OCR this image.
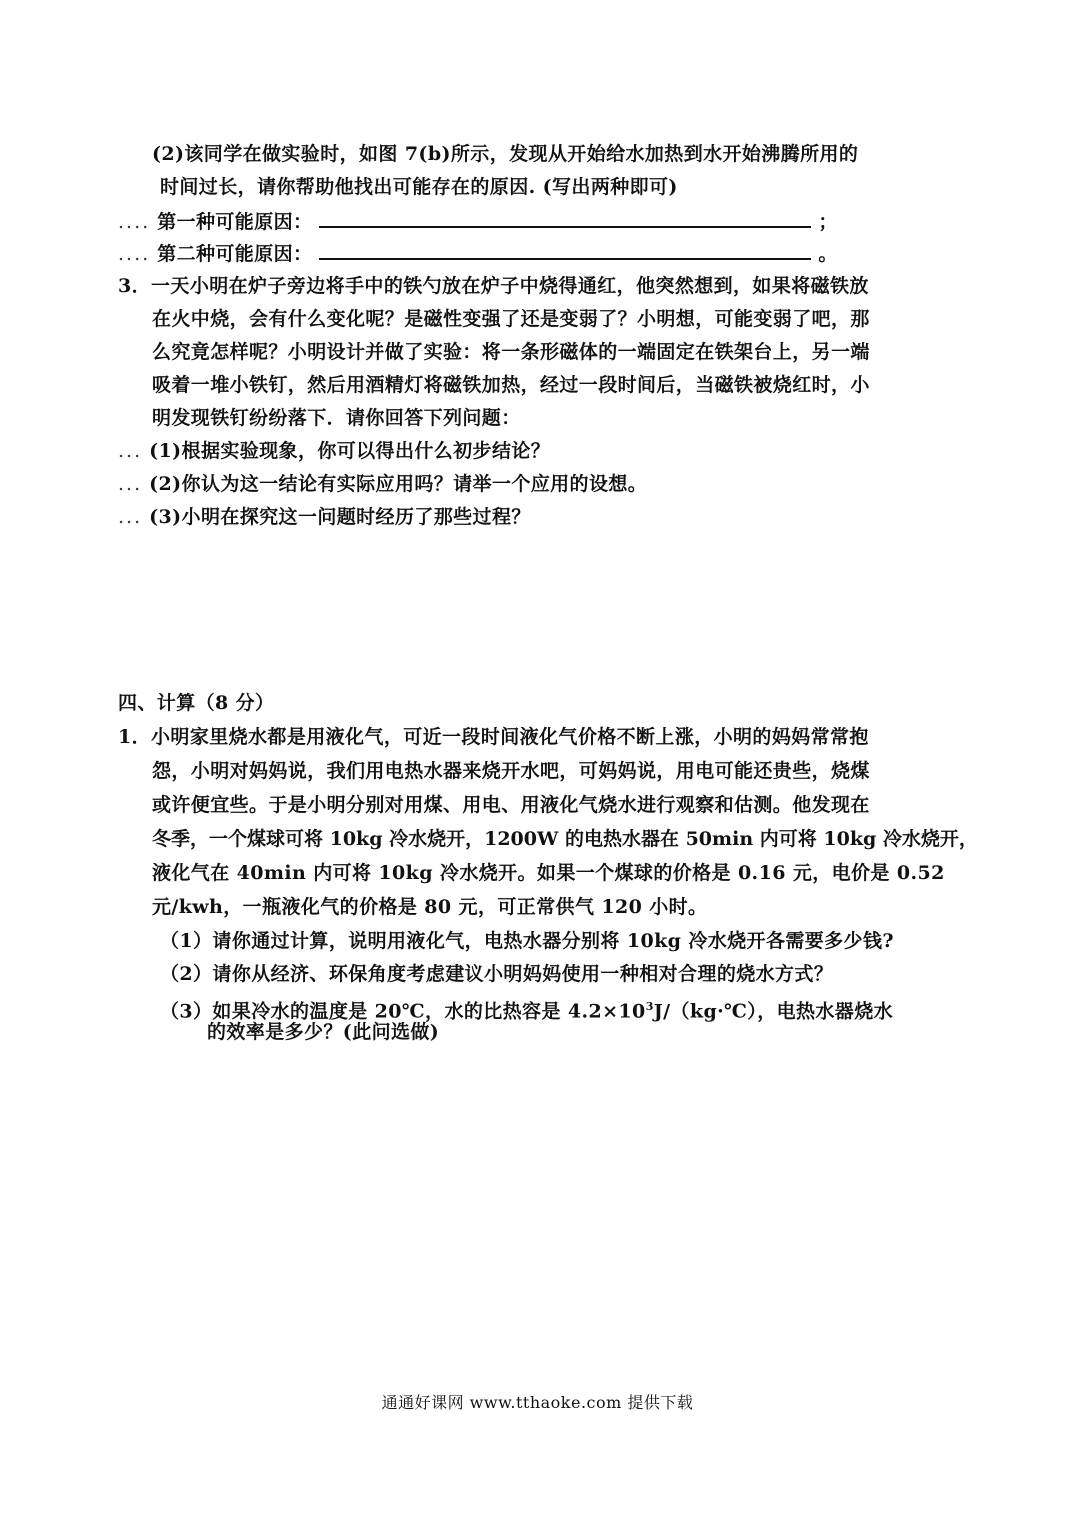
(2)该同学在做实验时，如图 7(b)所示，发现从开始给水加热到水开始沸腾所用的
时间过长，请你帮助他找出可能存在的原因. (写出两种即可)
.... 第一种可能原因：	；
.... 第二种可能原因：	。
3．一天小明在炉子旁边将手中的铁勺放在炉子中烧得通红，他突然想到，如果将磁铁放
在火中烧，会有什么变化呢？是磁性变强了还是变弱了？小明想，可能变弱了吧，那
么究竟怎样呢？小明设计并做了实验：将一条形磁体的一端固定在铁架台上，另一端
吸着一堆小铁钉，然后用酒精灯将磁铁加热，经过一段时间后，当磁铁被烧红时，小
明发现铁钉纷纷落下．请你回答下列问题：
... (1)根据实验现象，你可以得出什么初步结论？
... (2)你认为这一结论有实际应用吗？请举一个应用的设想。
... (3)小明在探究这一问题时经历了那些过程？
四、计算（8 分）
1．小明家里烧水都是用液化气，可近一段时间液化气价格不断上涨，小明的妈妈常常抱
怨，小明对妈妈说，我们用电热水器来烧开水吧，可妈妈说，用电可能还贵些，烧煤
或许便宜些。于是小明分别对用煤、用电、用液化气烧水进行观察和估测。他发现在
冬季，一个煤球可将 10kg 冷水烧开，1200W 的电热水器在 50min 内可将 10kg 冷水烧开，
液化气在 40min 内可将 10kg 冷水烧开。如果一个煤球的价格是 0.16 元，电价是 0.52
元/kwh，一瓶液化气的价格是 80 元，可正常供气 120 小时。
（1）请你通过计算，说明用液化气，电热水器分别将 10kg 冷水烧开各需要多少钱?
（2）请你从经济、环保角度考虑建议小明妈妈使用一种相对合理的烧水方式？
（3）如果冷水的温度是 20℃，水的比热容是 $4.2\times 10^3J/(kg\cdot℃)$，电热水器烧水
的效率是多少？(此问选做)
通通好课网 www.tthaoke.com 提供下载
